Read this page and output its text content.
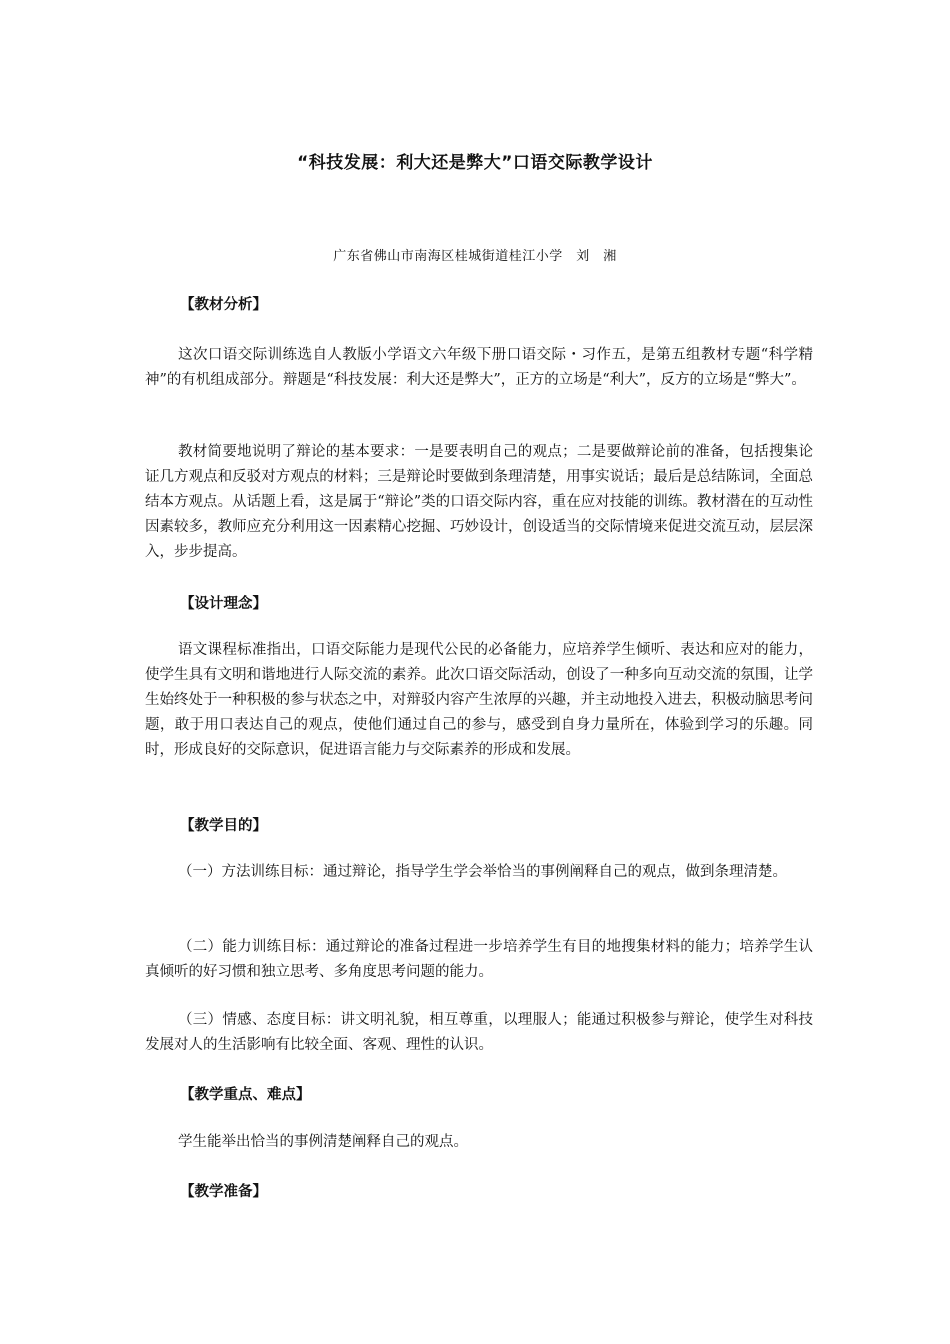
“科技发展：利大还是弊大”口语交际教学设计
广东省佛山市南海区桂城街道桂江小学　刘　湘
【教材分析】
这次口语交际训练选自人教版小学语文六年级下册口语交际・习作五，是第五组教材专题“科学精神”的有机组成部分。辩题是“科技发展：利大还是弊大”，正方的立场是“利大”，反方的立场是“弊大”。
教材简要地说明了辩论的基本要求：一是要表明自己的观点；二是要做辩论前的准备，包括搜集论证几方观点和反驳对方观点的材料；三是辩论时要做到条理清楚，用事实说话；最后是总结陈词，全面总结本方观点。从话题上看，这是属于“辩论”类的口语交际内容，重在应对技能的训练。教材潜在的互动性因素较多，教师应充分利用这一因素精心挖掘、巧妙设计，创设适当的交际情境来促进交流互动，层层深入，步步提高。
【设计理念】
语文课程标准指出，口语交际能力是现代公民的必备能力，应培养学生倾听、表达和应对的能力，使学生具有文明和谐地进行人际交流的素养。此次口语交际活动，创设了一种多向互动交流的氛围，让学生始终处于一种积极的参与状态之中，对辩驳内容产生浓厚的兴趣，并主动地投入进去，积极动脑思考问题，敢于用口表达自己的观点，使他们通过自己的参与，感受到自身力量所在，体验到学习的乐趣。同时，形成良好的交际意识，促进语言能力与交际素养的形成和发展。
【教学目的】
（一）方法训练目标：通过辩论，指导学生学会举恰当的事例阐释自己的观点，做到条理清楚。
（二）能力训练目标：通过辩论的准备过程进一步培养学生有目的地搜集材料的能力；培养学生认真倾听的好习惯和独立思考、多角度思考问题的能力。
（三）情感、态度目标：讲文明礼貌，相互尊重，以理服人；能通过积极参与辩论，使学生对科技发展对人的生活影响有比较全面、客观、理性的认识。
【教学重点、难点】
学生能举出恰当的事例清楚阐释自己的观点。
【教学准备】
